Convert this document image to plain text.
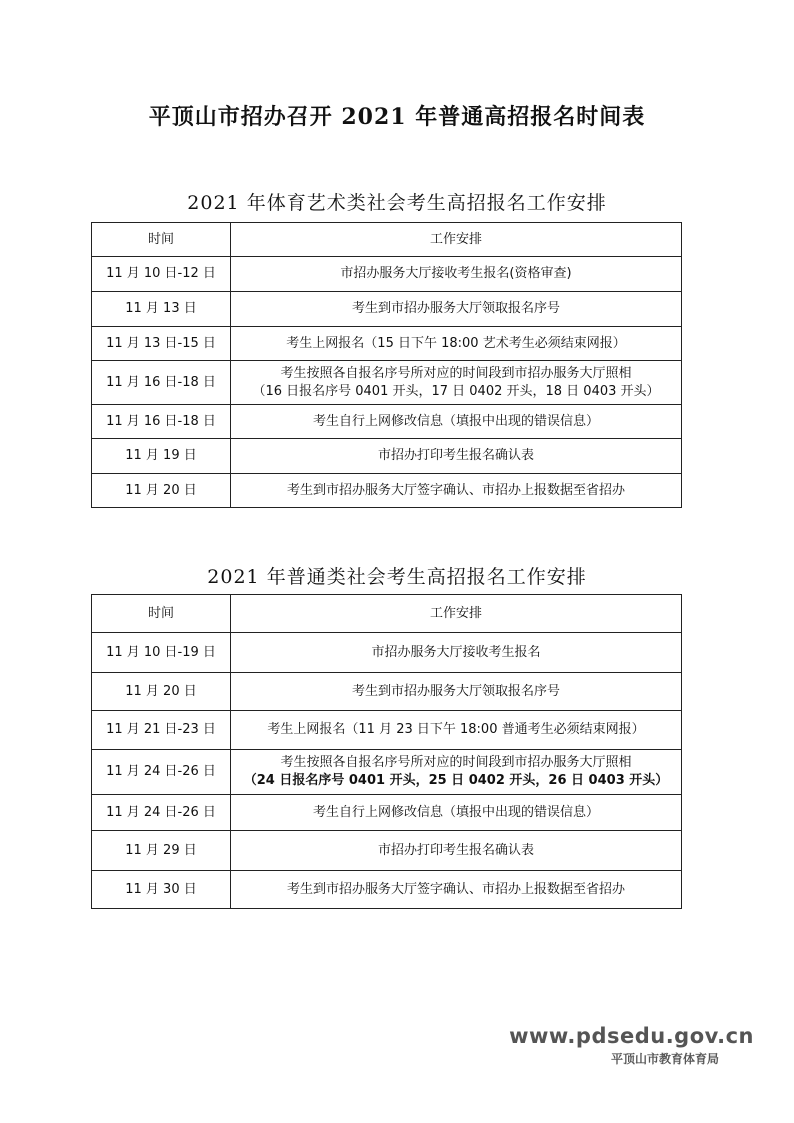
平顶山市招办召开 2021 年普通高招报名时间表
2021 年体育艺术类社会考生高招报名工作安排
时间	工作安排
11 月 10 日-12 日	市招办服务大厅接收考生报名(资格审查)
11 月 13 日	考生到市招办服务大厅领取报名序号
11 月 13 日-15 日	考生上网报名（15 日下午 18:00 艺术考生必须结束网报）
11 月 16 日-18 日	考生按照各自报名序号所对应的时间段到市招办服务大厅照相
（16 日报名序号 0401 开头，17 日 0402 开头，18 日 0403 开头）

11 月 16 日-18 日	考生自行上网修改信息（填报中出现的错误信息）
11 月 19 日	市招办打印考生报名确认表
11 月 20 日	考生到市招办服务大厅签字确认、市招办上报数据至省招办
2021 年普通类社会考生高招报名工作安排
时间	工作安排
11 月 10 日-19 日	市招办服务大厅接收考生报名
11 月 20 日	考生到市招办服务大厅领取报名序号
11 月 21 日-23 日	考生上网报名（11 月 23 日下午 18:00 普通考生必须结束网报）
11 月 24 日-26 日	考生按照各自报名序号所对应的时间段到市招办服务大厅照相
（24 日报名序号 0401 开头，25 日 0402 开头，26 日 0403 开头）

11 月 24 日-26 日	考生自行上网修改信息（填报中出现的错误信息）
11 月 29 日	市招办打印考生报名确认表
11 月 30 日	考生到市招办服务大厅签字确认、市招办上报数据至省招办
www.pdsedu.gov.cn
平顶山市教育体育局
